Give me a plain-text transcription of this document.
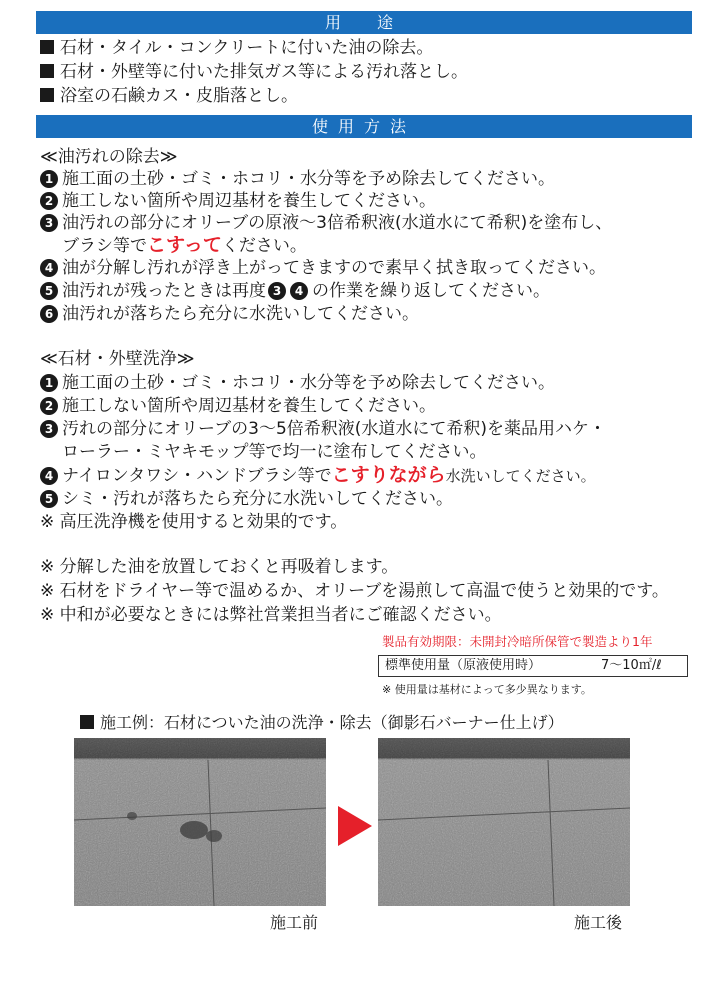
用　途
石材・タイル・コンクリートに付いた油の除去。
石材・外壁等に付いた排気ガス等による汚れ落とし。
浴室の石鹸カス・皮脂落とし。
使用方法
≪油汚れの除去≫
1 施工面の土砂・ゴミ・ホコリ・水分等を予め除去してください。
2 施工しない箇所や周辺基材を養生してください。
3 油汚れの部分にオリーブの原液〜3倍希釈液(水道水にて希釈)を塗布し、
ブラシ等でこすってください。
4 油が分解し汚れが浮き上がってきますので素早く拭き取ってください。
5 油汚れが残ったときは再度 3 4 の作業を繰り返してください。
6 油汚れが落ちたら充分に水洗いしてください。
≪石材・外壁洗浄≫
1 施工面の土砂・ゴミ・ホコリ・水分等を予め除去してください。
2 施工しない箇所や周辺基材を養生してください。
3 汚れの部分にオリーブの3〜5倍希釈液(水道水にて希釈)を薬品用ハケ・
ローラー・ミヤキモップ等で均一に塗布してください。
4 ナイロンタワシ・ハンドブラシ等でこすりながら水洗いしてください。
5 シミ・汚れが落ちたら充分に水洗いしてください。
※ 高圧洗浄機を使用すると効果的です。
※ 分解した油を放置しておくと再吸着します。
※ 石材をドライヤー等で温めるか、オリーブを湯煎して高温で使うと効果的です。
※ 中和が必要なときには弊社営業担当者にご確認ください。
製品有効期限：未開封冷暗所保管で製造より1年
標準使用量（原液使用時）	7〜10㎡/ℓ
※ 使用量は基材によって多少異なります。
施工例：石材についた油の洗浄・除去（御影石バーナー仕上げ）
施工前	施工後
